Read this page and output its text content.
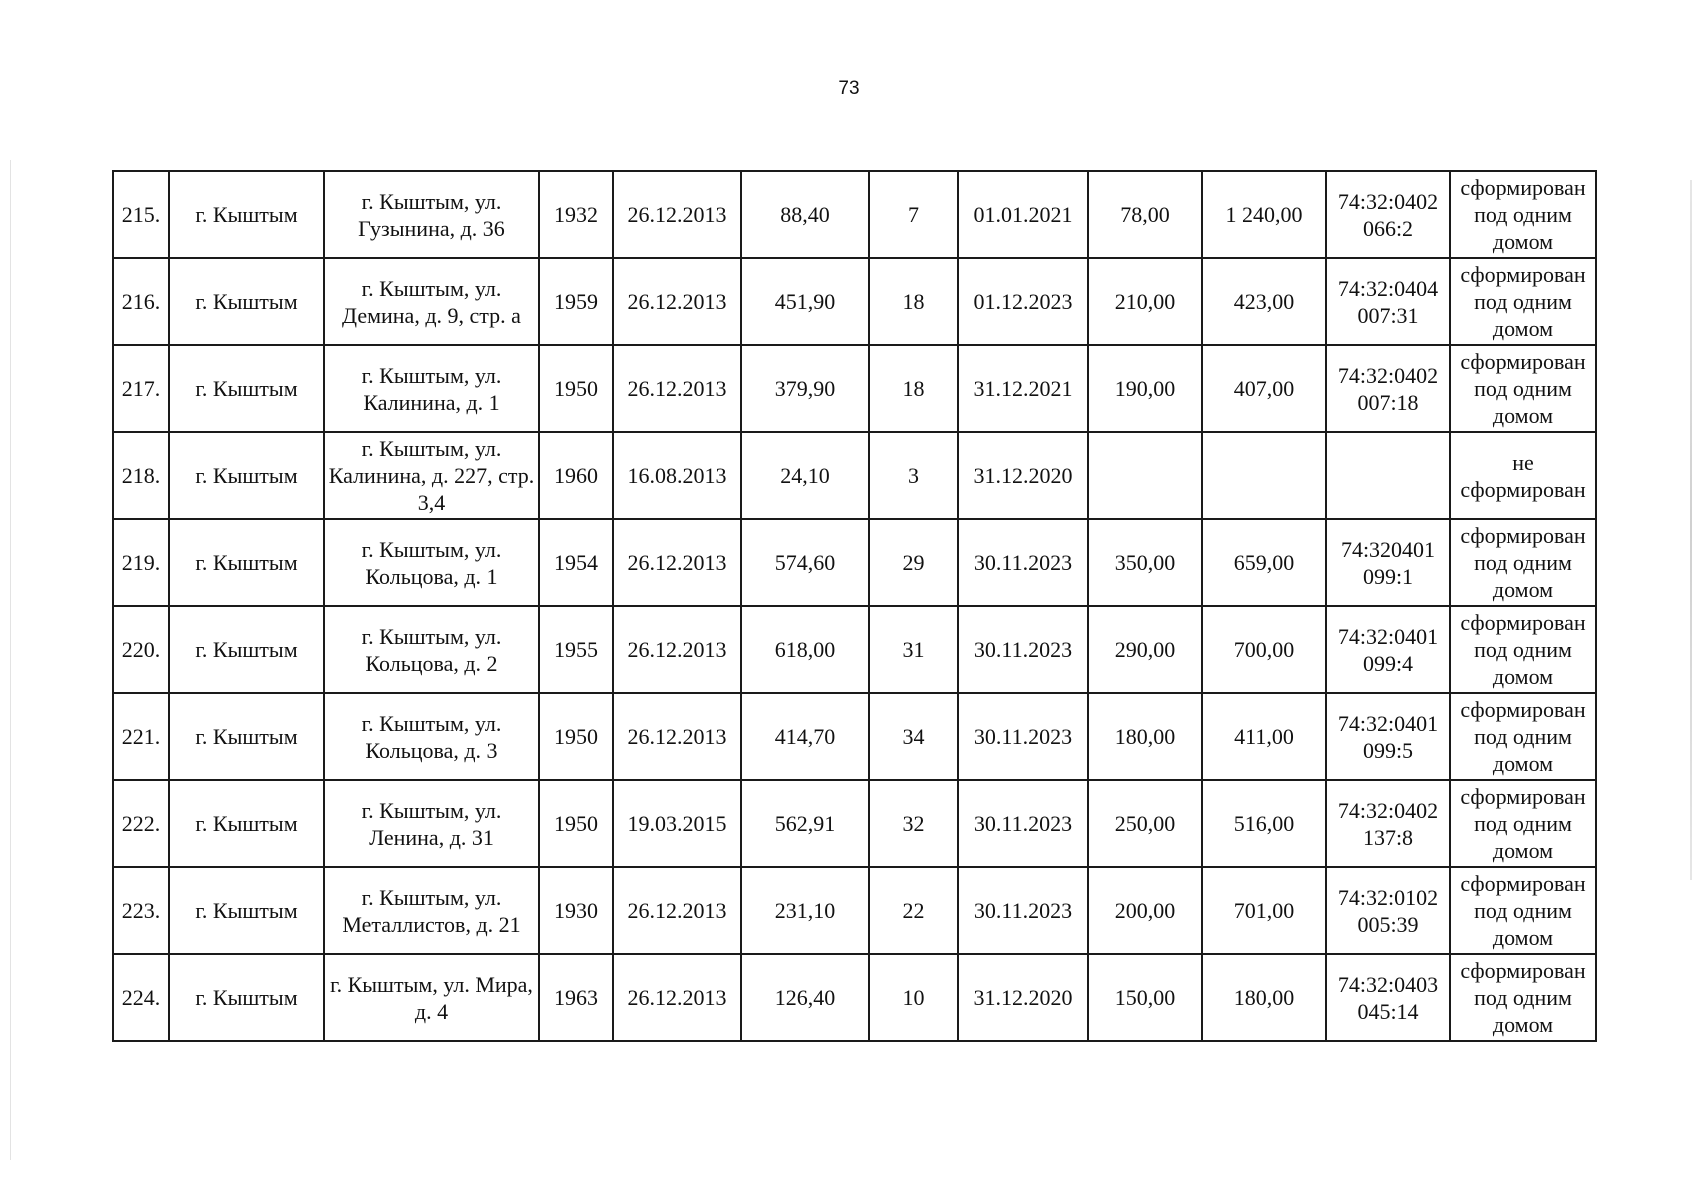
73
215.	г. Кыштым	г. Кыштым, ул. Гузынина, д. 36	1932	26.12.2013	88,40	7	01.01.2021	78,00	1 240,00	74:32:0402 066:2	сформирован под одним домом
216.	г. Кыштым	г. Кыштым, ул. Демина, д. 9, стр. а	1959	26.12.2013	451,90	18	01.12.2023	210,00	423,00	74:32:0404 007:31	сформирован под одним домом
217.	г. Кыштым	г. Кыштым, ул. Калинина, д. 1	1950	26.12.2013	379,90	18	31.12.2021	190,00	407,00	74:32:0402 007:18	сформирован под одним домом
218.	г. Кыштым	г. Кыштым, ул. Калинина, д. 227, стр. 3,4	1960	16.08.2013	24,10	3	31.12.2020				не сформирован
219.	г. Кыштым	г. Кыштым, ул. Кольцова, д. 1	1954	26.12.2013	574,60	29	30.11.2023	350,00	659,00	74:320401 099:1	сформирован под одним домом
220.	г. Кыштым	г. Кыштым, ул. Кольцова, д. 2	1955	26.12.2013	618,00	31	30.11.2023	290,00	700,00	74:32:0401 099:4	сформирован под одним домом
221.	г. Кыштым	г. Кыштым, ул. Кольцова, д. 3	1950	26.12.2013	414,70	34	30.11.2023	180,00	411,00	74:32:0401 099:5	сформирован под одним домом
222.	г. Кыштым	г. Кыштым, ул. Ленина, д. 31	1950	19.03.2015	562,91	32	30.11.2023	250,00	516,00	74:32:0402 137:8	сформирован под одним домом
223.	г. Кыштым	г. Кыштым, ул. Металлистов, д. 21	1930	26.12.2013	231,10	22	30.11.2023	200,00	701,00	74:32:0102 005:39	сформирован под одним домом
224.	г. Кыштым	г. Кыштым, ул. Мира, д. 4	1963	26.12.2013	126,40	10	31.12.2020	150,00	180,00	74:32:0403 045:14	сформирован под одним домом
